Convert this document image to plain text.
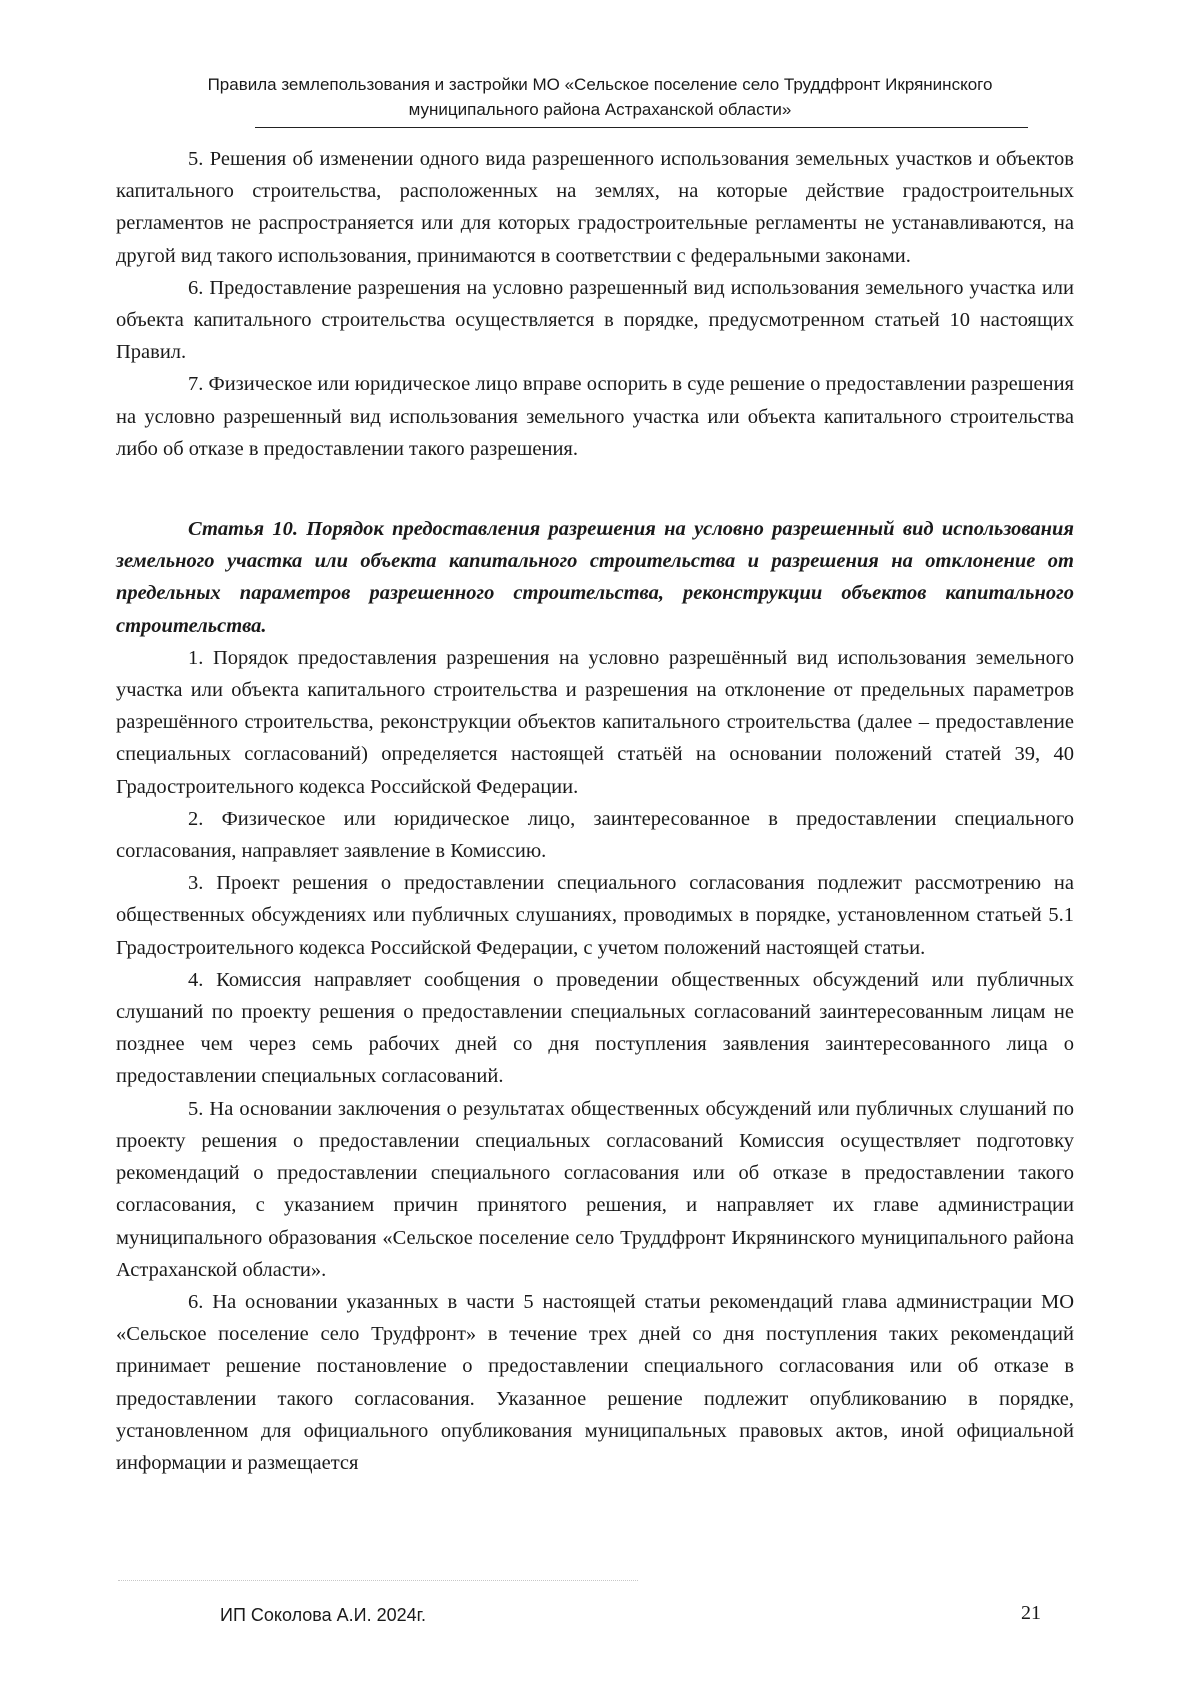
Правила землепользования и застройки МО «Сельское поселение село Труддфронт Икрянинского
муниципального района Астраханской области»

5. Решения об изменении одного вида разрешенного использования земельных участков и объектов капитального строительства, расположенных на землях, на которые действие градостроительных регламентов не распространяется или для которых градостроительные регламенты не устанавливаются, на другой вид такого использования, принимаются в соответствии с федеральными законами.

6. Предоставление разрешения на условно разрешенный вид использования земельного участка или объекта капитального строительства осуществляется в порядке, предусмотренном статьей 10 настоящих Правил.

7. Физическое или юридическое лицо вправе оспорить в суде решение о предоставлении разрешения на условно разрешенный вид использования земельного участка или объекта капитального строительства либо об отказе в предоставлении такого разрешения.

Статья 10. Порядок предоставления разрешения на условно разрешенный вид использования земельного участка или объекта капитального строительства и разрешения на отклонение от предельных параметров разрешенного строительства, реконструкции объектов капитального строительства.

1. Порядок предоставления разрешения на условно разрешённый вид использования земельного участка или объекта капитального строительства и разрешения на отклонение от предельных параметров разрешённого строительства, реконструкции объектов капитального строительства (далее – предоставление специальных согласований) определяется настоящей статьёй на основании положений статей 39, 40 Градостроительного кодекса Российской Федерации.

2. Физическое или юридическое лицо, заинтересованное в предоставлении специального согласования, направляет заявление в Комиссию.

3. Проект решения о предоставлении специального согласования подлежит рассмотрению на общественных обсуждениях или публичных слушаниях, проводимых в порядке, установленном статьей 5.1 Градостроительного кодекса Российской Федерации, с учетом положений настоящей статьи.

4. Комиссия направляет сообщения о проведении общественных обсуждений или публичных слушаний по проекту решения о предоставлении специальных согласований заинтересованным лицам не позднее чем через семь рабочих дней со дня поступления заявления заинтересованного лица о предоставлении специальных согласований.

5. На основании заключения о результатах общественных обсуждений или публичных слушаний по проекту решения о предоставлении специальных согласований Комиссия осуществляет подготовку рекомендаций о предоставлении специального согласования или об отказе в предоставлении такого согласования, с указанием причин принятого решения, и направляет их главе администрации муниципального образования «Сельское поселение село Труддфронт Икрянинского муниципального района Астраханской области».

6. На основании указанных в части 5 настоящей статьи рекомендаций глава администрации МО «Сельское поселение село Трудфронт» в течение трех дней со дня поступления таких рекомендаций принимает решение постановление о предоставлении специального согласования или об отказе в предоставлении такого согласования. Указанное решение подлежит опубликованию в порядке, установленном для официального опубликования муниципальных правовых актов, иной официальной информации и размещается

ИП Соколова А.И. 2024г.	21
